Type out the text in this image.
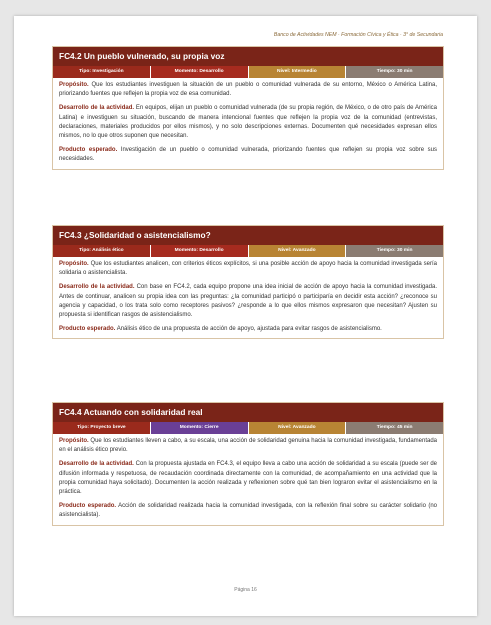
Banco de Actividades NEM · Formación Cívica y Ética · 3° de Secundaria
FC4.2 Un pueblo vulnerado, su propia voz
Tipo: Investigación	Momento: Desarrollo	Nivel: Intermedio	Tiempo: 30 min

Propósito. Que los estudiantes investiguen la situación de un pueblo o comunidad vulnerada de su entorno, México o América Latina, priorizando fuentes que reflejen la propia voz de esa comunidad.

Desarrollo de la actividad. En equipos, elijan un pueblo o comunidad vulnerada (de su propia región, de México, o de otro país de América Latina) e investiguen su situación, buscando de manera intencional fuentes que reflejen la propia voz de la comunidad (entrevistas, declaraciones, materiales producidos por ellos mismos), y no solo descripciones externas. Documenten qué necesidades expresan ellos mismos, no lo que otros suponen que necesitan.

Producto esperado. Investigación de un pueblo o comunidad vulnerada, priorizando fuentes que reflejen su propia voz sobre sus necesidades.

FC4.3 ¿Solidaridad o asistencialismo?
Tipo: Análisis ético	Momento: Desarrollo	Nivel: Avanzado	Tiempo: 30 min

Propósito. Que los estudiantes analicen, con criterios éticos explícitos, si una posible acción de apoyo hacia la comunidad investigada sería solidaria o asistencialista.

Desarrollo de la actividad. Con base en FC4.2, cada equipo propone una idea inicial de acción de apoyo hacia la comunidad investigada. Antes de continuar, analicen su propia idea con las preguntas: ¿la comunidad participó o participaría en decidir esta acción? ¿reconoce su agencia y capacidad, o los trata solo como receptores pasivos? ¿responde a lo que ellos mismos expresaron que necesitan? Ajusten su propuesta si identifican rasgos de asistencialismo.

Producto esperado. Análisis ético de una propuesta de acción de apoyo, ajustada para evitar rasgos de asistencialismo.

FC4.4 Actuando con solidaridad real
Tipo: Proyecto breve	Momento: Cierre	Nivel: Avanzado	Tiempo: 45 min

Propósito. Que los estudiantes lleven a cabo, a su escala, una acción de solidaridad genuina hacia la comunidad investigada, fundamentada en el análisis ético previo.

Desarrollo de la actividad. Con la propuesta ajustada en FC4.3, el equipo lleva a cabo una acción de solidaridad a su escala (puede ser de difusión informada y respetuosa, de recaudación coordinada directamente con la comunidad, de acompañamiento en una actividad que la propia comunidad haya solicitado). Documenten la acción realizada y reflexionen sobre qué tan bien lograron evitar el asistencialismo en la práctica.

Producto esperado. Acción de solidaridad realizada hacia la comunidad investigada, con la reflexión final sobre su carácter solidario (no asistencialista).

Página 16
